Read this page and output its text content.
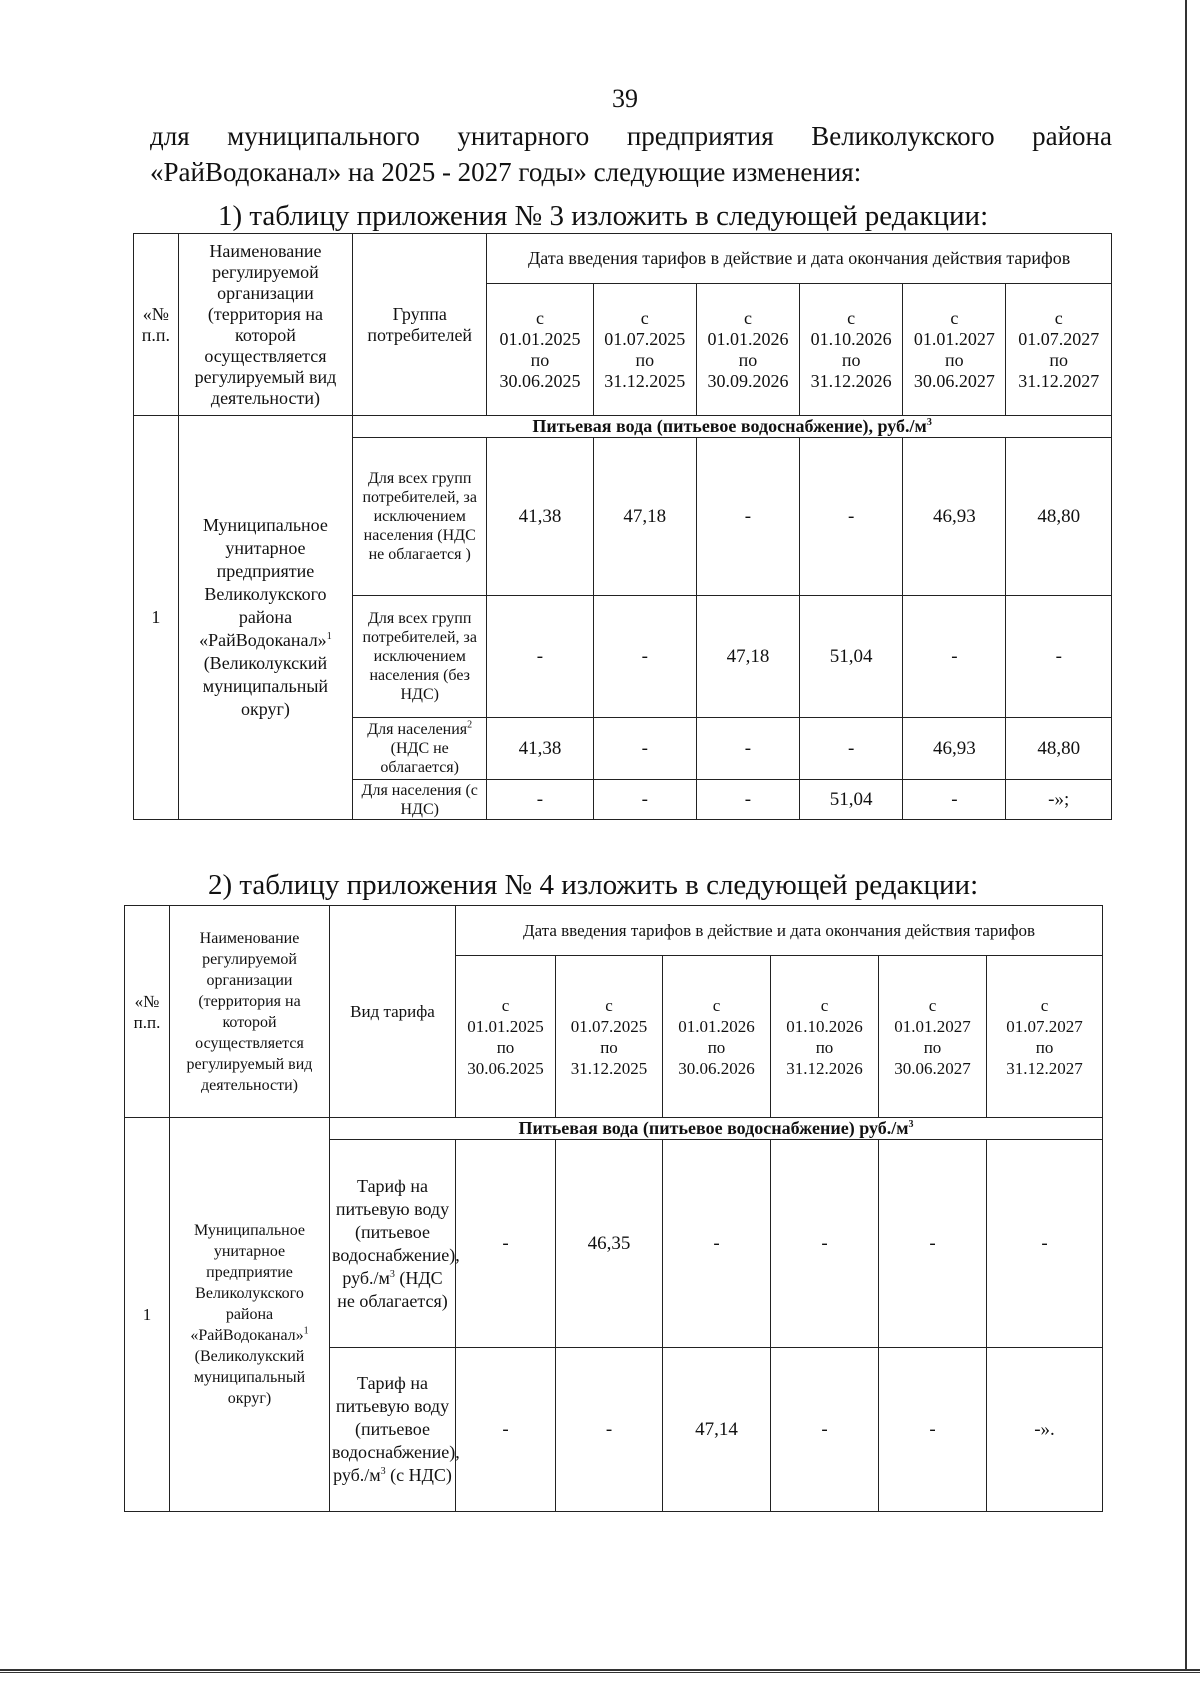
39
для муниципального унитарного предприятия Великолукского района «РайВодоканал» на 2025 - 2027 годы» следующие изменения:
1) таблицу приложения № 3 изложить в следующей редакции:
«№ п.п.	Наименование регулируемой организации (территория на которой осуществляется регулируемый вид деятельности)	Группа потребителей	Дата введения тарифов в действие и дата окончания действия тарифов					
			с
01.01.2025
по
30.06.2025	с
01.07.2025
по
31.12.2025	с
01.01.2026
по
30.09.2026	с
01.10.2026
по
31.12.2026	с
01.01.2027
по
30.06.2027	с
01.07.2027
по
31.12.2027
1	Муниципальное унитарное предприятие Великолукского района «РайВодоканал»$^1$ (Великолукский муниципальный округ)	Питьевая вода (питьевое водоснабжение), $руб./м^3$
		Для всех групп потребителей, за исключением населения (НДС не облагается )	41,38	47,18	-	-	46,93	48,80
		Для всех групп потребителей, за исключением населения (без НДС)	-	-	47,18	51,04	-	-
		Для населения$^2$
(НДС не облагается)	41,38	-	-	-	46,93	48,80
		Для населения (с НДС)	-	-	-	51,04	-	-»;
2) таблицу приложения № 4 изложить в следующей редакции:
«№ п.п.	Наименование регулируемой организации (территория на которой осуществляется регулируемый вид деятельности)	Вид тарифа	Дата введения тарифов в действие и дата окончания действия тарифов					
			с
01.01.2025
по
30.06.2025	с
01.07.2025
по
31.12.2025	с
01.01.2026
по
30.06.2026	с
01.10.2026
по
31.12.2026	с
01.01.2027
по
30.06.2027	с
01.07.2027
по
31.12.2027
1	Муниципальное унитарное предприятие Великолукского района «РайВодоканал»$^1$ (Великолукский муниципальный округ)	Питьевая вода (питьевое водоснабжение) $руб./м^3$
		Тариф на питьевую воду (питьевое водоснабжение), $руб./м^3$ (НДС не облагается)	-	46,35	-	-	-	-
		Тариф на питьевую воду (питьевое водоснабжение), $руб./м^3$ (с НДС)	-	-	47,14	-	-	-».
